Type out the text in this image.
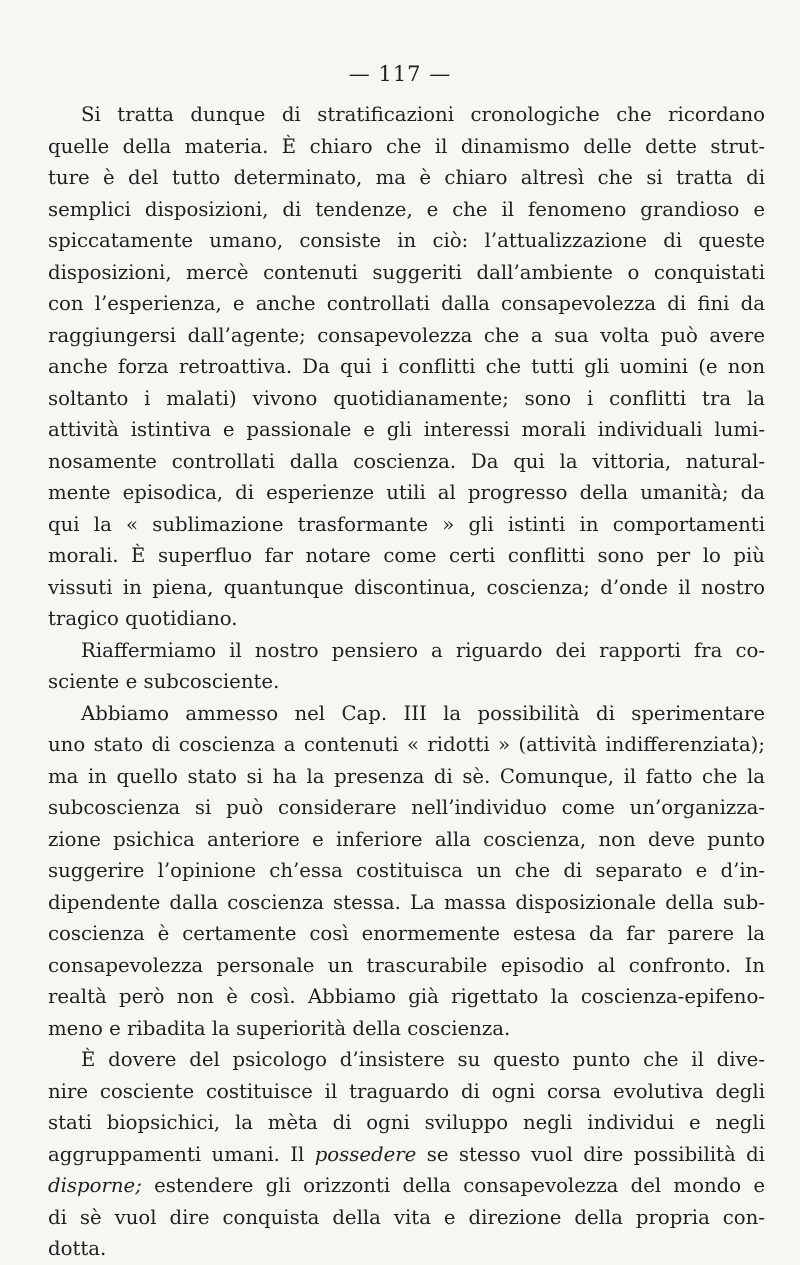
— 117 —
Si tratta dunque di stratificazioni cronologiche che ricordano
quelle della materia. È chiaro che il dinamismo delle dette strut-
ture è del tutto determinato, ma è chiaro altresì che si tratta di
semplici disposizioni, di tendenze, e che il fenomeno grandioso e
spiccatamente umano, consiste in ciò: l’attualizzazione di queste
disposizioni, mercè contenuti suggeriti dall’ambiente o conquistati
con l’esperienza, e anche controllati dalla consapevolezza di fini da
raggiungersi dall’agente; consapevolezza che a sua volta può avere
anche forza retroattiva. Da qui i conflitti che tutti gli uomini (e non
soltanto i malati) vivono quotidianamente; sono i conflitti tra la
attività istintiva e passionale e gli interessi morali individuali lumi-
nosamente controllati dalla coscienza. Da qui la vittoria, natural-
mente episodica, di esperienze utili al progresso della umanità; da
qui la « sublimazione trasformante » gli istinti in comportamenti
morali. È superfluo far notare come certi conflitti sono per lo più
vissuti in piena, quantunque discontinua, coscienza; d’onde il nostro
tragico quotidiano.
Riaffermiamo il nostro pensiero a riguardo dei rapporti fra co-
sciente e subcosciente.
Abbiamo ammesso nel Cap. III la possibilità di sperimentare
uno stato di coscienza a contenuti « ridotti » (attività indifferenziata);
ma in quello stato si ha la presenza di sè. Comunque, il fatto che la
subcoscienza si può considerare nell’individuo come un’organizza-
zione psichica anteriore e inferiore alla coscienza, non deve punto
suggerire l’opinione ch’essa costituisca un che di separato e d’in-
dipendente dalla coscienza stessa. La massa disposizionale della sub-
coscienza è certamente così enormemente estesa da far parere la
consapevolezza personale un trascurabile episodio al confronto. In
realtà però non è così. Abbiamo già rigettato la coscienza-epifeno-
meno e ribadita la superiorità della coscienza.
È dovere del psicologo d’insistere su questo punto che il dive-
nire cosciente costituisce il traguardo di ogni corsa evolutiva degli
stati biopsichici, la mèta di ogni sviluppo negli individui e negli
aggruppamenti umani. Il possedere se stesso vuol dire possibilità di
disporne; estendere gli orizzonti della consapevolezza del mondo e
di sè vuol dire conquista della vita e direzione della propria con-
dotta.
